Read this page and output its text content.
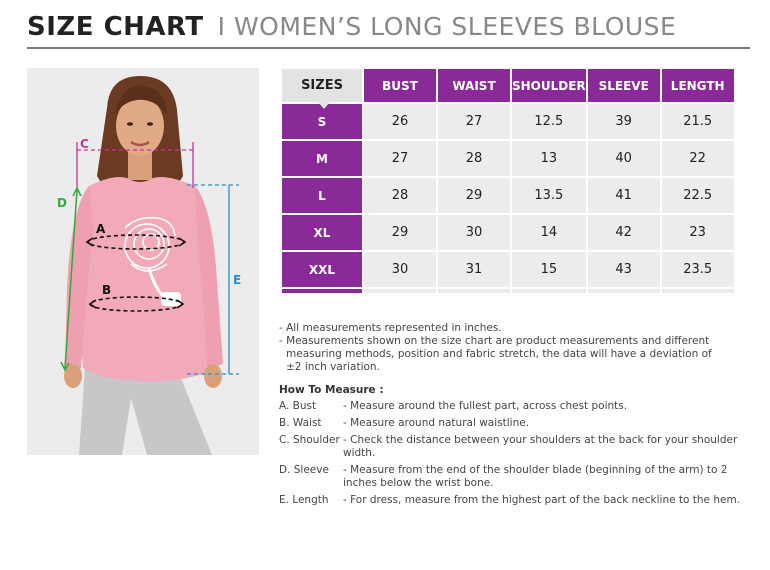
SIZE CHART I WOMEN’S LONG SLEEVES BLOUSE
C
D
E
A
B
SIZES	BUST	WAIST	SHOULDER	SLEEVE	LENGTH
S	26	27	12.5	39	21.5
M	27	28	13	40	22
L	28	29	13.5	41	22.5
XL	29	30	14	42	23
XXL	30	31	15	43	23.5

- All measurements represented in inches.
- Measurements shown on the size chart are product measurements and different
measuring methods, position and fabric stretch, the data will have a deviation of
±2 inch variation.
How To Measure :
A. Bust	- Measure around the fullest part, across chest points.
B. Waist	- Measure around natural waistline.
C. Shoulder - Check the distance between your shoulders at the back for your shoulder width.
D. Sleeve	- Measure from the end of the shoulder blade (beginning of the arm) to 2 inches below the wrist bone.
E. Length	- For dress, measure from the highest part of the back neckline to the hem.
